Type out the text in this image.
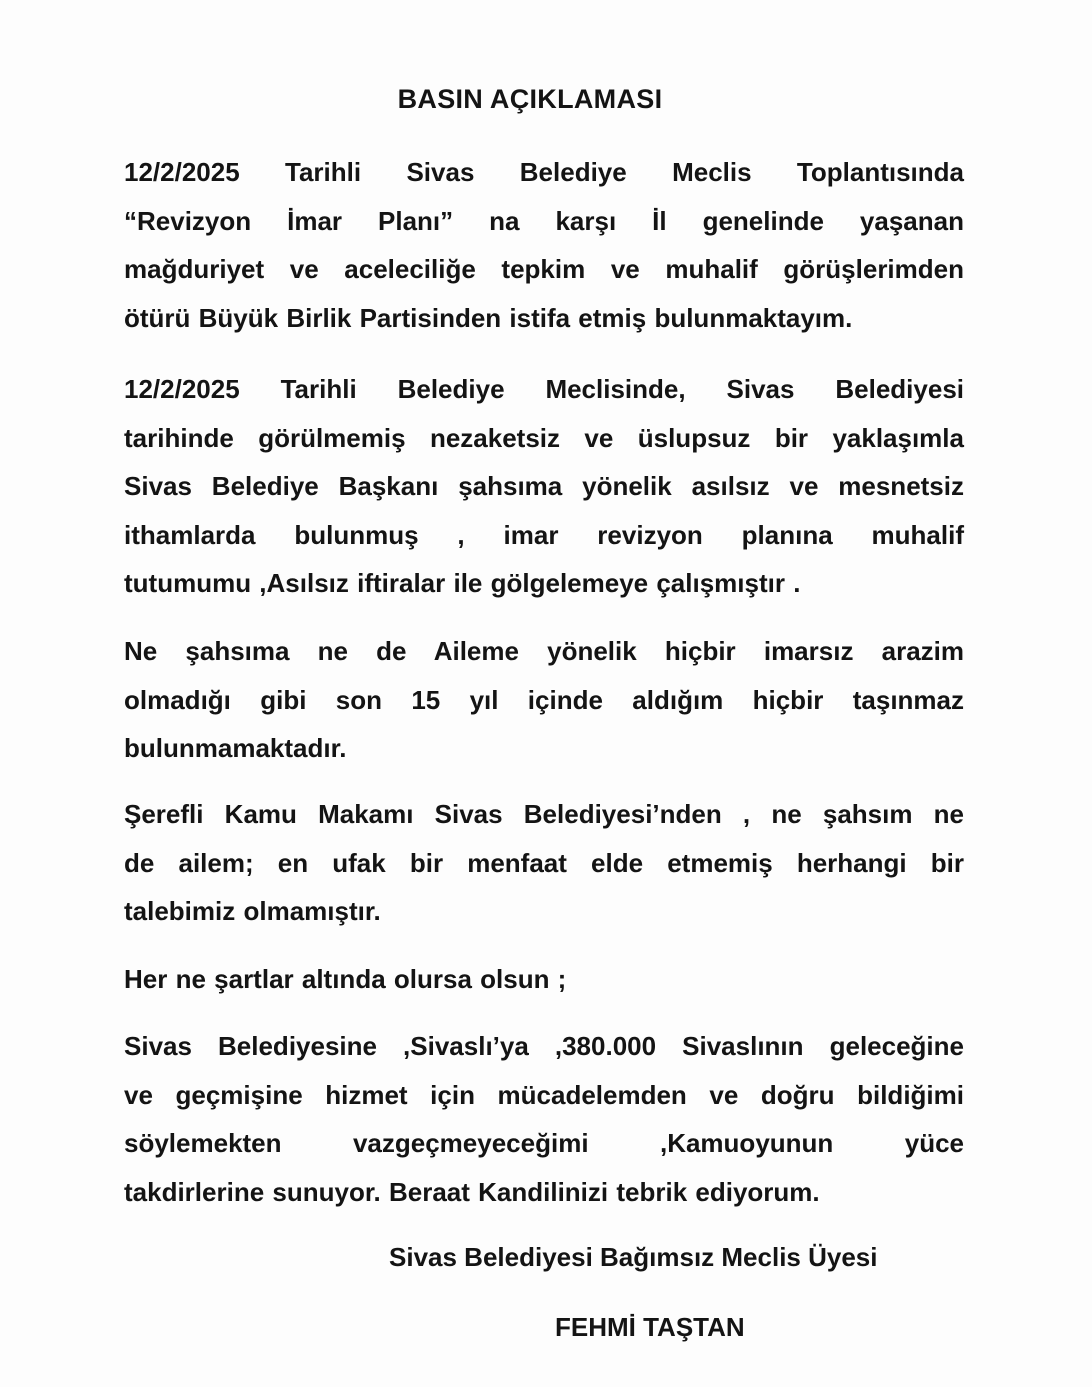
BASIN AÇIKLAMASI
12/2/2025 Tarihli Sivas Belediye Meclis Toplantısında
“Revizyon İmar Planı” na karşı İl genelinde yaşanan
mağduriyet ve aceleciliğe tepkim ve muhalif görüşlerimden
ötürü Büyük Birlik Partisinden istifa etmiş bulunmaktayım.
12/2/2025 Tarihli Belediye Meclisinde, Sivas Belediyesi
tarihinde görülmemiş nezaketsiz ve üslupsuz bir yaklaşımla
Sivas Belediye Başkanı şahsıma yönelik asılsız ve mesnetsiz
ithamlarda bulunmuş , imar revizyon planına muhalif
tutumumu ,Asılsız iftiralar ile gölgelemeye çalışmıştır .
Ne şahsıma ne de Aileme yönelik hiçbir imarsız arazim
olmadığı gibi son 15 yıl içinde aldığım hiçbir taşınmaz
bulunmamaktadır.
Şerefli Kamu Makamı Sivas Belediyesi’nden , ne şahsım ne
de ailem; en ufak bir menfaat elde etmemiş herhangi bir
talebimiz olmamıştır.
Her ne şartlar altında olursa olsun ;
Sivas Belediyesine ,Sivaslı’ya ,380.000 Sivaslının geleceğine
ve geçmişine hizmet için mücadelemden ve doğru bildiğimi
söylemekten vazgeçmeyeceğimi ,Kamuoyunun yüce
takdirlerine sunuyor. Beraat Kandilinizi tebrik ediyorum.
Sivas Belediyesi Bağımsız Meclis Üyesi
FEHMİ TAŞTAN
